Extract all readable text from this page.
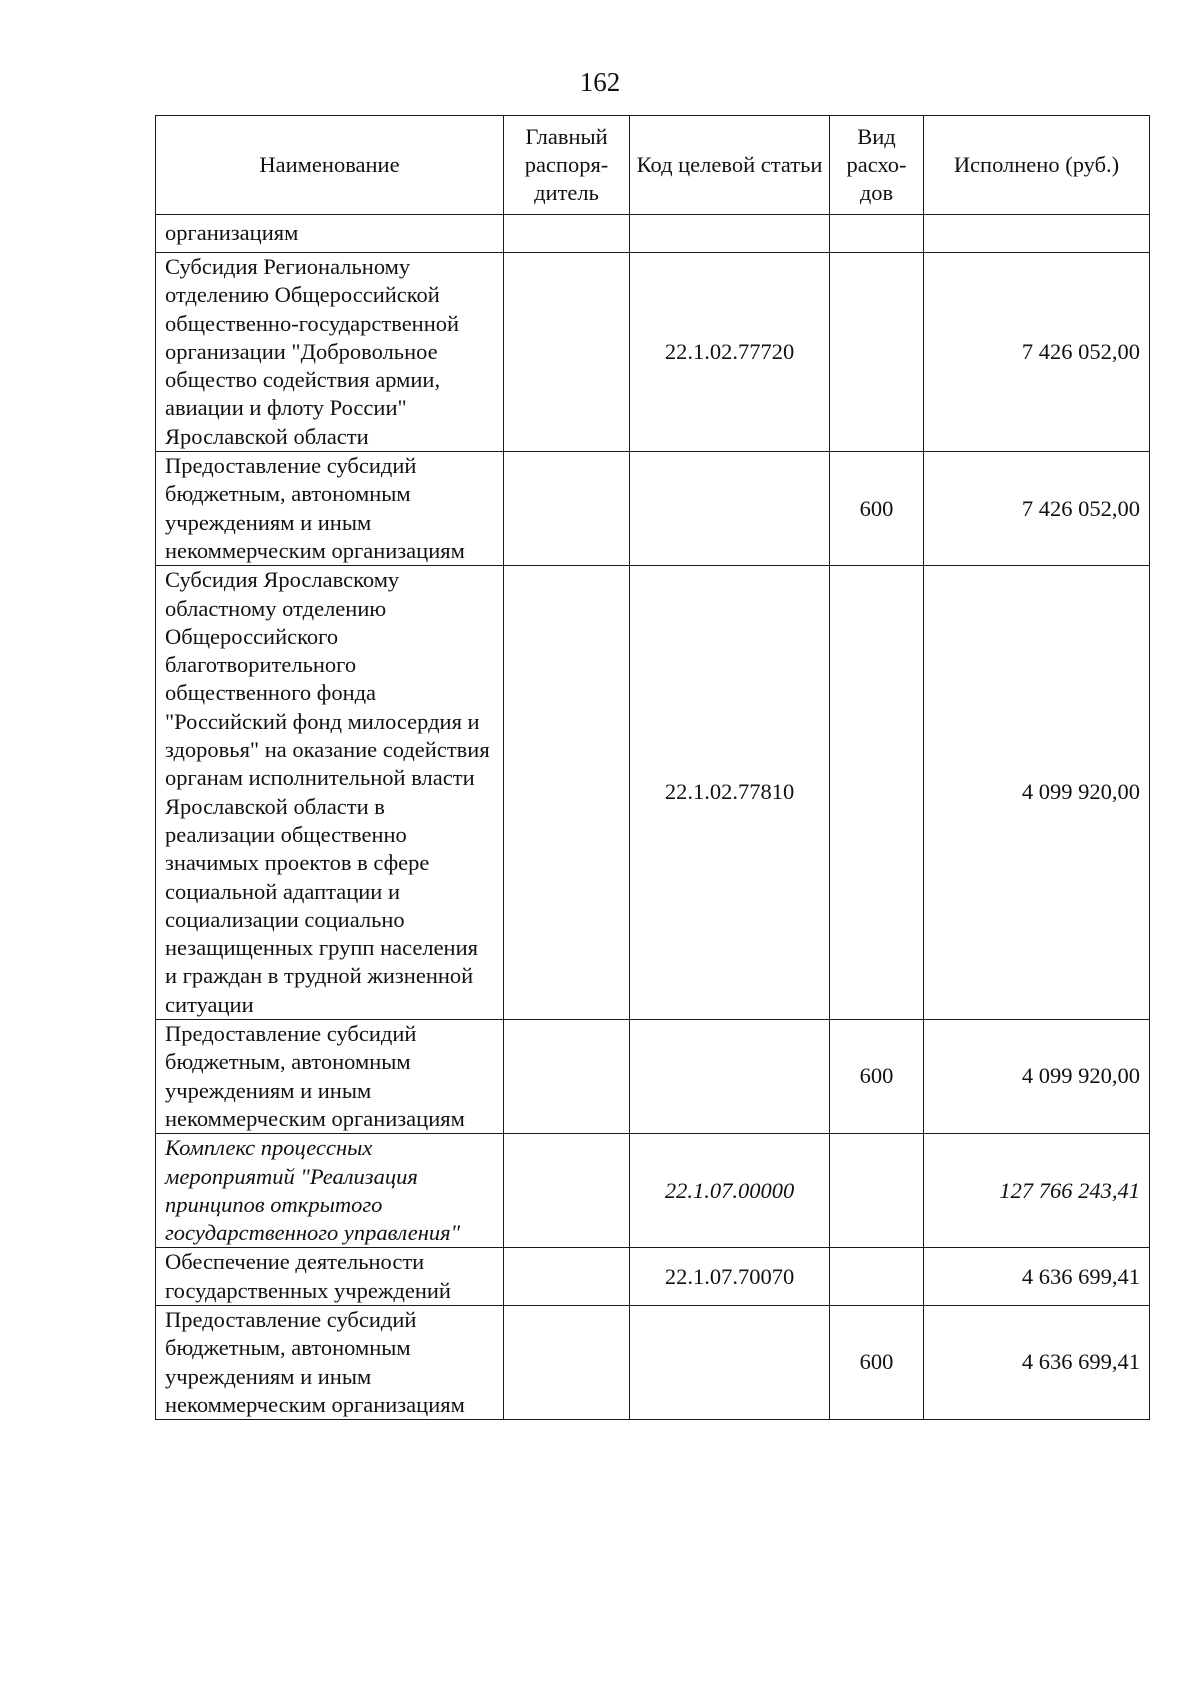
162
Наименование	Главный распоря-дитель	Код целевой статьи	Вид расхо-дов	Исполнено (руб.)
организациям				
Субсидия Региональному отделению Общероссийской общественно-государственной организации "Добровольное общество содействия армии, авиации и флоту России" Ярославской области		22.1.02.77720		7 426 052,00
Предоставление субсидий бюджетным, автономным учреждениям и иным некоммерческим организациям			600	7 426 052,00
Субсидия Ярославскому областному отделению Общероссийского благотворительного общественного фонда "Российский фонд милосердия и здоровья" на оказание содействия органам исполнительной власти Ярославской области в реализации общественно значимых проектов в сфере социальной адаптации и социализации социально незащищенных групп населения и граждан в трудной жизненной ситуации		22.1.02.77810		4 099 920,00
Предоставление субсидий бюджетным, автономным учреждениям и иным некоммерческим организациям			600	4 099 920,00
Комплекс процессных мероприятий "Реализация принципов открытого государственного управления"		22.1.07.00000		127 766 243,41
Обеспечение деятельности государственных учреждений		22.1.07.70070		4 636 699,41
Предоставление субсидий бюджетным, автономным учреждениям и иным некоммерческим организациям			600	4 636 699,41
